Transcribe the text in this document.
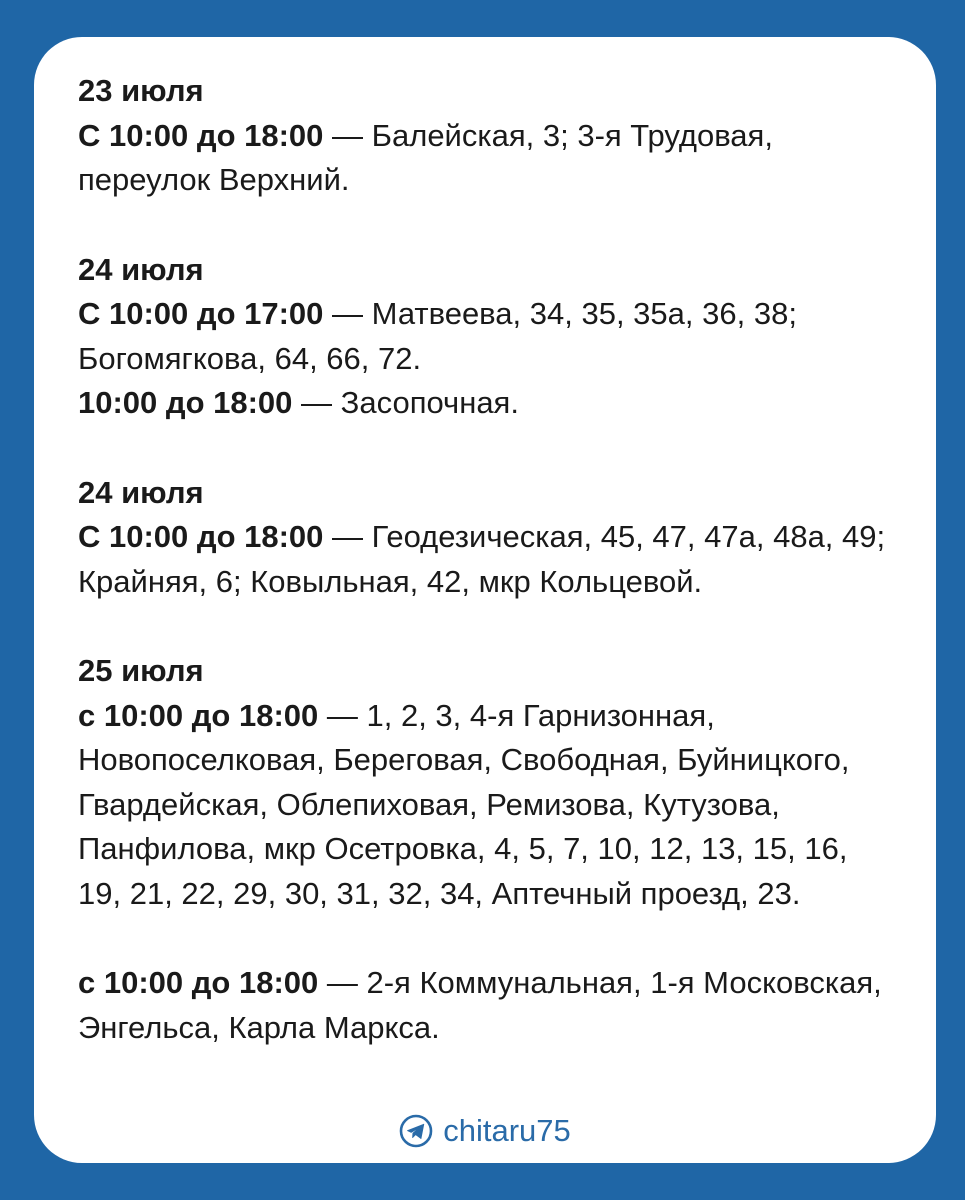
23 июля
С 10:00 до 18:00 — Балейская, 3; 3-я Трудовая, переулок Верхний.
24 июля
С 10:00 до 17:00 — Матвеева, 34, 35, 35а, 36, 38; Богомягкова, 64, 66, 72.
10:00 до 18:00 — Засопочная.
24 июля
С 10:00 до 18:00 — Геодезическая, 45, 47, 47а, 48а, 49; Крайняя, 6; Ковыльная, 42, мкр Кольцевой.
25 июля
с 10:00 до 18:00 — 1, 2, 3, 4-я Гарнизонная, Новопоселковая, Береговая, Свободная, Буйницкого, Гвардейская, Облепиховая, Ремизова, Кутузова, Панфилова, мкр Осетровка, 4, 5, 7, 10, 12, 13, 15, 16, 19, 21, 22, 29, 30, 31, 32, 34, Аптечный проезд, 23.
с 10:00 до 18:00 — 2-я Коммунальная, 1-я Московская, Энгельса, Карла Маркса.
chitaru75
